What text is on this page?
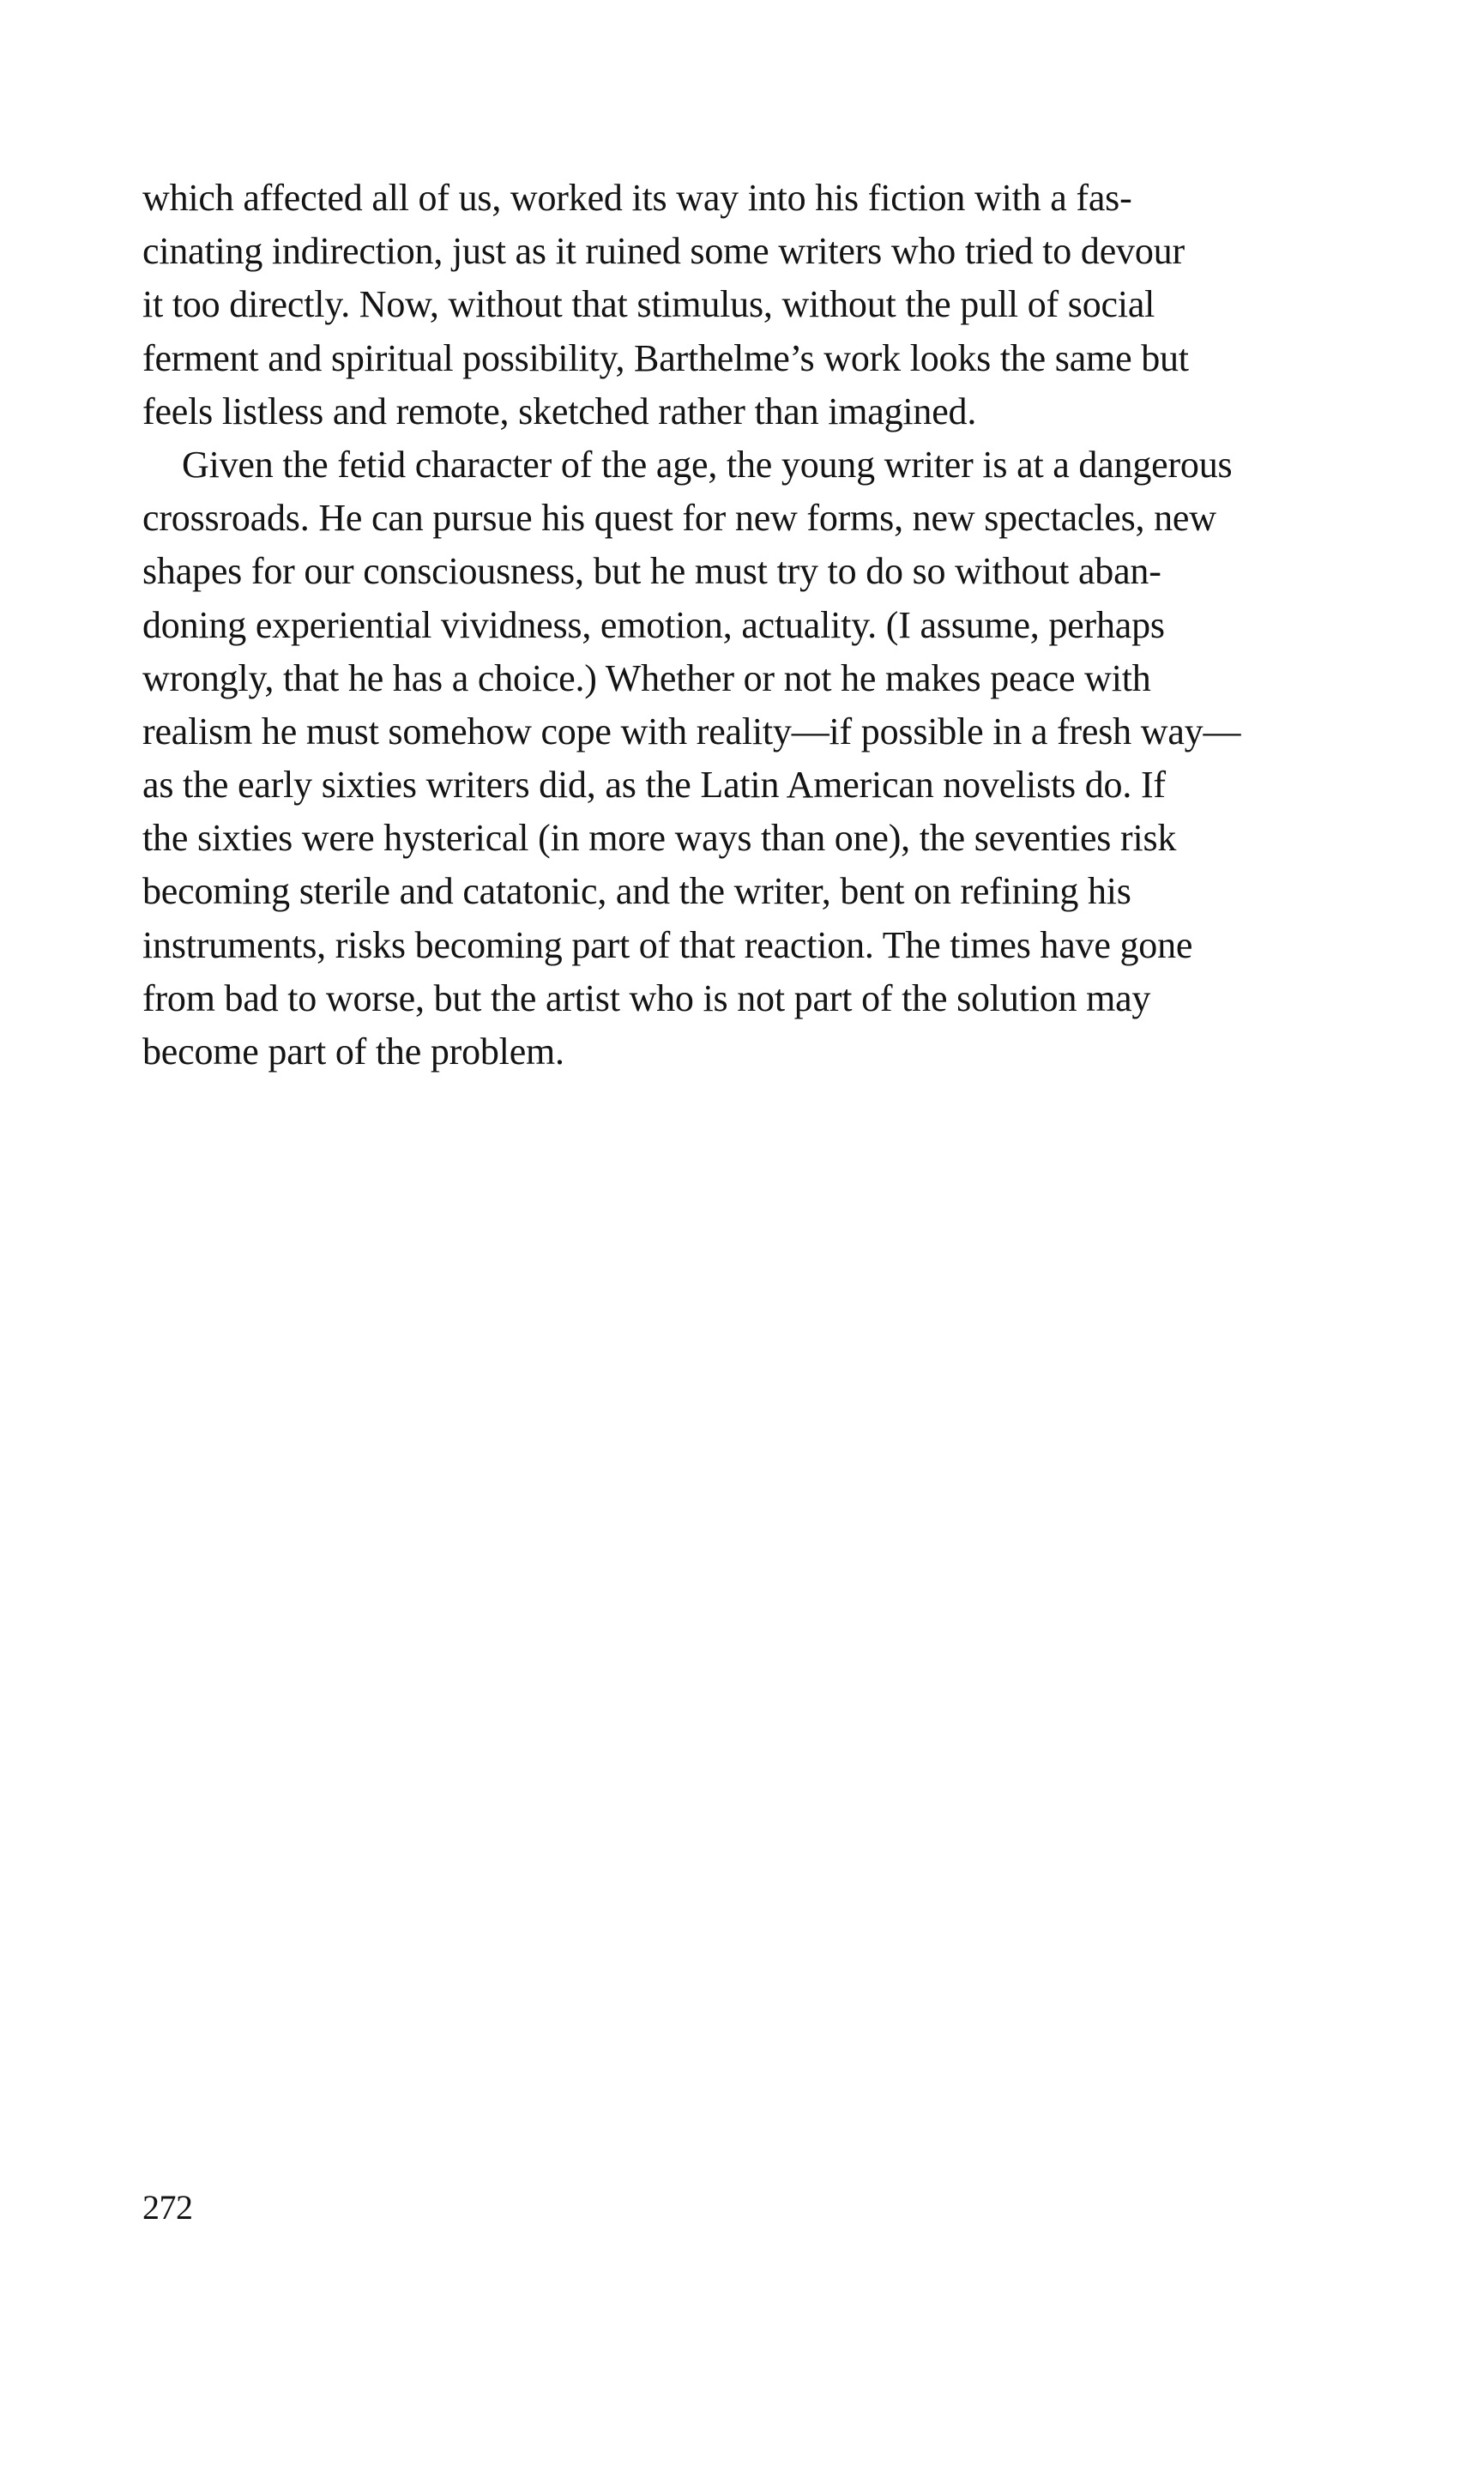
which affected all of us, worked its way into his fiction with a fas-
cinating indirection, just as it ruined some writers who tried to devour
it too directly. Now, without that stimulus, without the pull of social
ferment and spiritual possibility, Barthelme’s work looks the same but
feels listless and remote, sketched rather than imagined.
Given the fetid character of the age, the young writer is at a dangerous
crossroads. He can pursue his quest for new forms, new spectacles, new
shapes for our consciousness, but he must try to do so without aban-
doning experiential vividness, emotion, actuality. (I assume, perhaps
wrongly, that he has a choice.) Whether or not he makes peace with
realism he must somehow cope with reality—if possible in a fresh way—
as the early sixties writers did, as the Latin American novelists do. If
the sixties were hysterical (in more ways than one), the seventies risk
becoming sterile and catatonic, and the writer, bent on refining his
instruments, risks becoming part of that reaction. The times have gone
from bad to worse, but the artist who is not part of the solution may
become part of the problem.
272
